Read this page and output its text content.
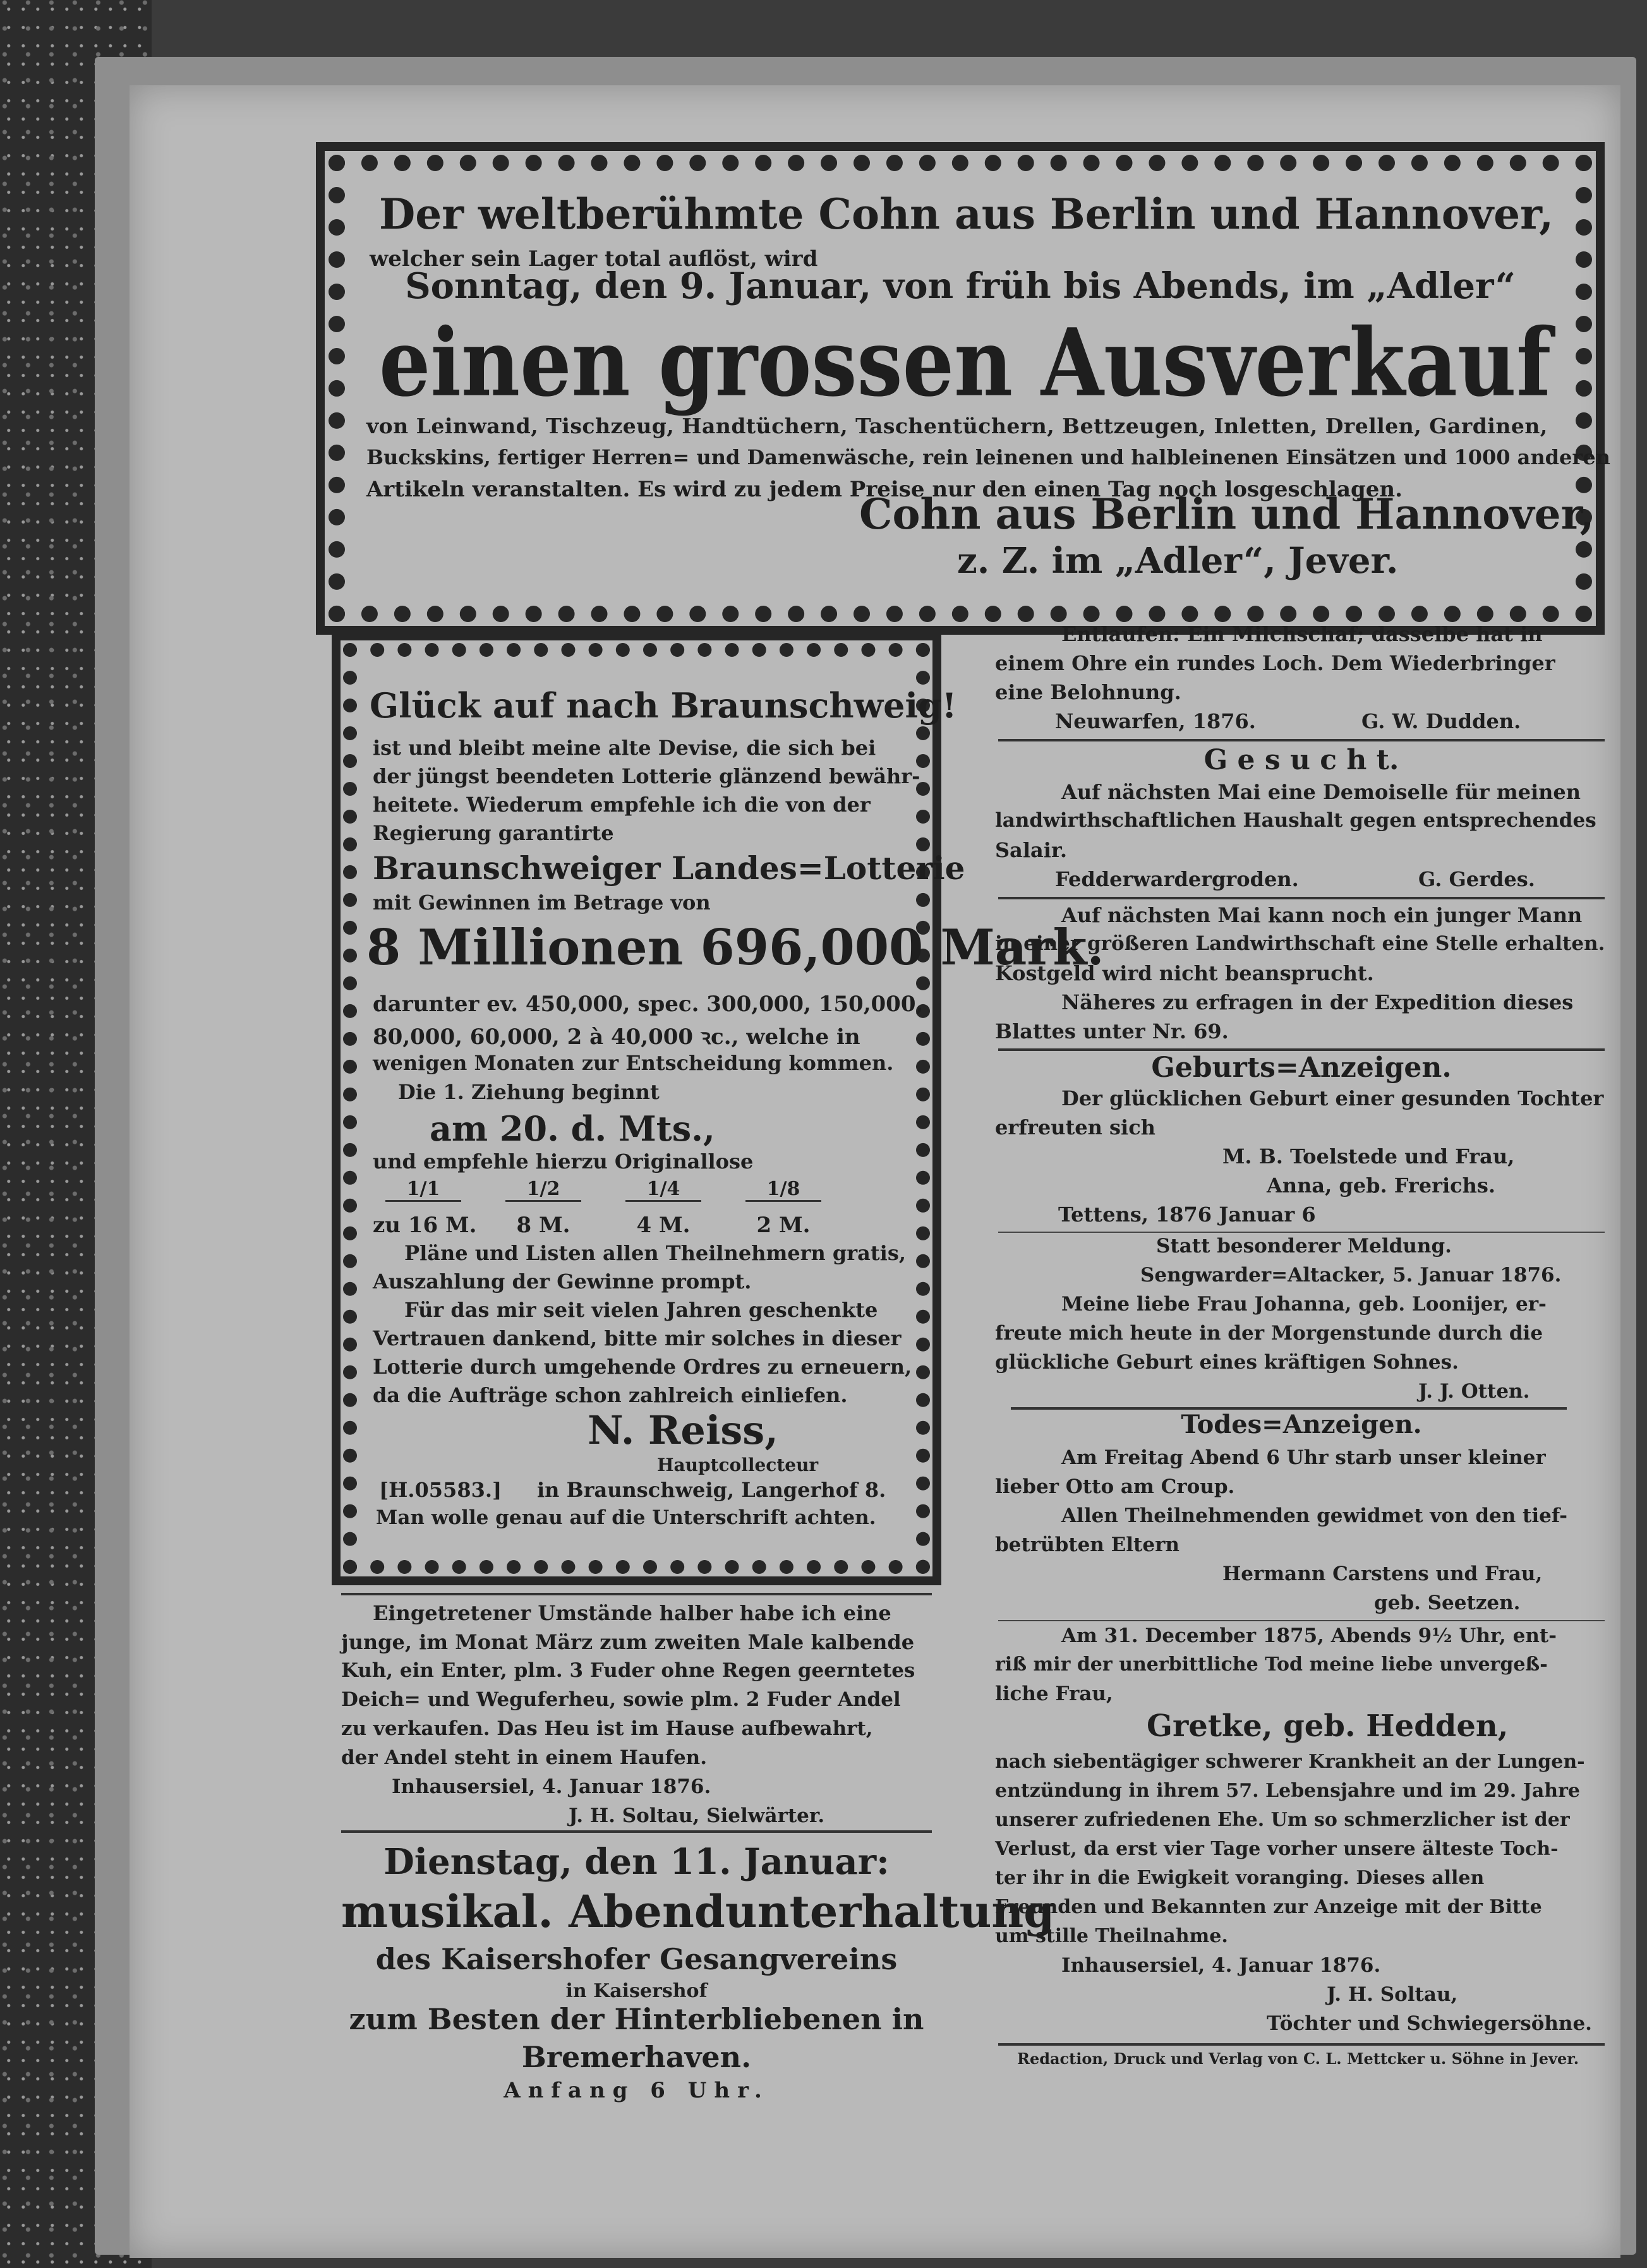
Der weltberühmte Cohn aus Berlin und Hannover,
welcher sein Lager total auflöst, wird
Sonntag, den 9. Januar, von früh bis Abends, im „Adler“
einen grossen Ausverkauf
von Leinwand, Tischzeug, Handtüchern, Taschentüchern, Bettzeugen, Inletten, Drellen, Gardinen,
Buckskins, fertiger Herren= und Damenwäsche, rein leinenen und halbleinenen Einsätzen und 1000 anderen
Artikeln veranstalten. Es wird zu jedem Preise nur den einen Tag noch losgeschlagen.
Cohn aus Berlin und Hannover,
z. Z. im „Adler“, Jever.
Glück auf nach Braunschweig!
ist und bleibt meine alte Devise, die sich bei
der jüngst beendeten Lotterie glänzend bewähr-
heitete. Wiederum empfehle ich die von der
Regierung garantirte
Braunschweiger Landes=Lotterie
mit Gewinnen im Betrage von
8 Millionen 696,000 Mark.
darunter ev. 450,000, spec. 300,000, 150,000,
80,000, 60,000, 2 à 40,000 ꝛc., welche in
wenigen Monaten zur Entscheidung kommen.
Die 1. Ziehung beginnt
am 20. d. Mts.,
und empfehle hierzu Originallose
1/1	1/2	1/4	1/8
zu 16 M.	8 M.	4 M.	2 M.
Pläne und Listen allen Theilnehmern gratis,
Auszahlung der Gewinne prompt.
Für das mir seit vielen Jahren geschenkte
Vertrauen dankend, bitte mir solches in dieser
Lotterie durch umgehende Ordres zu erneuern,
da die Aufträge schon zahlreich einliefen.
N. Reiss,
Hauptcollecteur
[H.05583.] in Braunschweig, Langerhof 8.
Man wolle genau auf die Unterschrift achten.
Eingetretener Umstände halber habe ich eine
junge, im Monat März zum zweiten Male kalbende
Kuh, ein Enter, plm. 3 Fuder ohne Regen geerntetes
Deich= und Weguferheu, sowie plm. 2 Fuder Andel
zu verkaufen. Das Heu ist im Hause aufbewahrt,
der Andel steht in einem Haufen.
Inhausersiel, 4. Januar 1876.
J. H. Soltau, Sielwärter.
Dienstag, den 11. Januar:
musikal. Abendunterhaltung
des Kaisershofer Gesangvereins
in Kaisershof
zum Besten der Hinterbliebenen in
Bremerhaven.
Anfang 6 Uhr.
Entlaufen: Ein Milchschaf; dasselbe hat in
einem Ohre ein rundes Loch. Dem Wiederbringer
eine Belohnung.
Neuwarfen, 1876.	G. W. Dudden.
G e s u c h t.
Auf nächsten Mai eine Demoiselle für meinen
landwirthschaftlichen Haushalt gegen entsprechendes
Salair.
Fedderwardergroden.	G. Gerdes.
Auf nächsten Mai kann noch ein junger Mann
in einer größeren Landwirthschaft eine Stelle erhalten.
Kostgeld wird nicht beansprucht.
Näheres zu erfragen in der Expedition dieses
Blattes unter Nr. 69.
Geburts=Anzeigen.
Der glücklichen Geburt einer gesunden Tochter
erfreuten sich
M. B. Toelstede und Frau,
Anna, geb. Frerichs.
Tettens, 1876 Januar 6
Statt besonderer Meldung.
Sengwarder=Altacker, 5. Januar 1876.
Meine liebe Frau Johanna, geb. Loonijer, er-
freute mich heute in der Morgenstunde durch die
glückliche Geburt eines kräftigen Sohnes.
J. J. Otten.
Todes=Anzeigen.
Am Freitag Abend 6 Uhr starb unser kleiner
lieber Otto am Croup.
Allen Theilnehmenden gewidmet von den tief-
betrübten Eltern
Hermann Carstens und Frau,
geb. Seetzen.
Am 31. December 1875, Abends 9½ Uhr, ent-
riß mir der unerbittliche Tod meine liebe unvergeß-
liche Frau,
Gretke, geb. Hedden,
nach siebentägiger schwerer Krankheit an der Lungen-
entzündung in ihrem 57. Lebensjahre und im 29. Jahre
unserer zufriedenen Ehe. Um so schmerzlicher ist der
Verlust, da erst vier Tage vorher unsere älteste Toch-
ter ihr in die Ewigkeit voranging. Dieses allen
Freunden und Bekannten zur Anzeige mit der Bitte
um stille Theilnahme.
Inhausersiel, 4. Januar 1876.
J. H. Soltau,
Töchter und Schwiegersöhne.
Redaction, Druck und Verlag von C. L. Mettcker u. Söhne in Jever.
